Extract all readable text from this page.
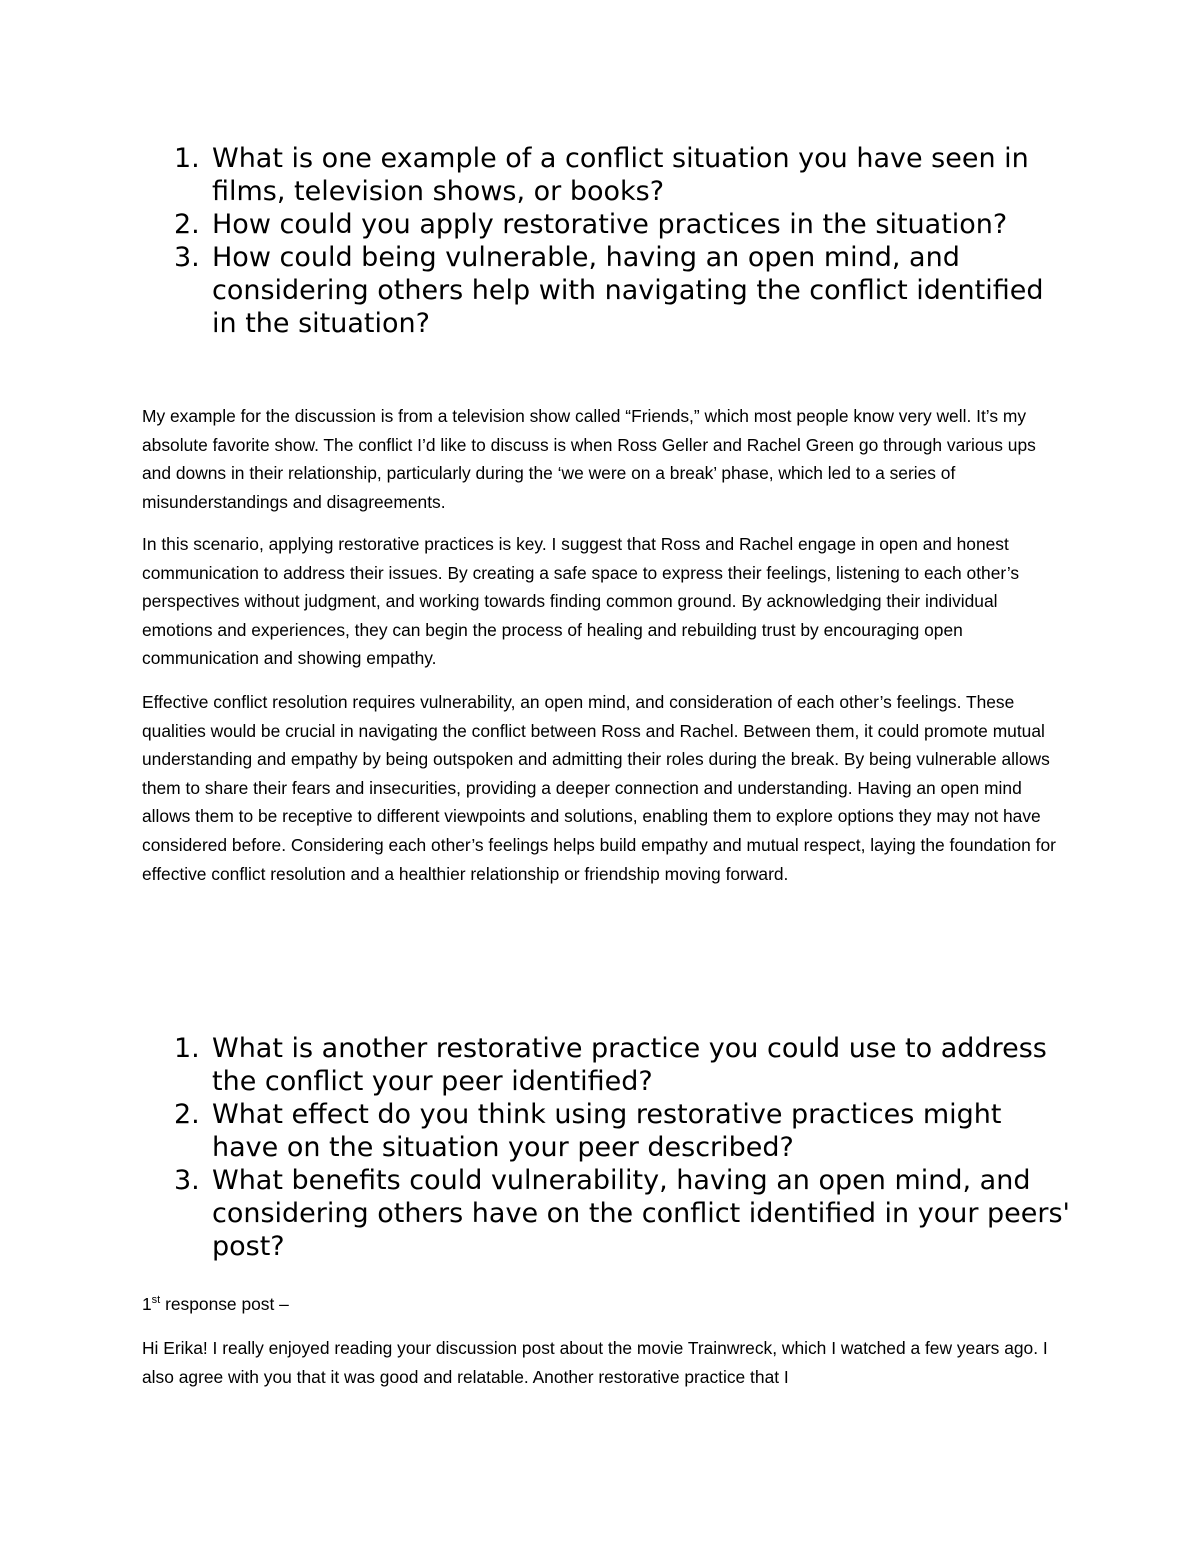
1. What is one example of a conflict situation you have seen in films, television shows, or books?
2. How could you apply restorative practices in the situation?
3. How could being vulnerable, having an open mind, and considering others help with navigating the conflict identified in the situation?

My example for the discussion is from a television show called “Friends,” which most people know very well. It’s my absolute favorite show. The conflict I’d like to discuss is when Ross Geller and Rachel Green go through various ups and downs in their relationship, particularly during the ‘we were on a break’ phase, which led to a series of misunderstandings and disagreements.

In this scenario, applying restorative practices is key. I suggest that Ross and Rachel engage in open and honest communication to address their issues. By creating a safe space to express their feelings, listening to each other’s perspectives without judgment, and working towards finding common ground. By acknowledging their individual emotions and experiences, they can begin the process of healing and rebuilding trust by encouraging open communication and showing empathy.

Effective conflict resolution requires vulnerability, an open mind, and consideration of each other’s feelings. These qualities would be crucial in navigating the conflict between Ross and Rachel. Between them, it could promote mutual understanding and empathy by being outspoken and admitting their roles during the break. By being vulnerable allows them to share their fears and insecurities, providing a deeper connection and understanding. Having an open mind allows them to be receptive to different viewpoints and solutions, enabling them to explore options they may not have considered before. Considering each other’s feelings helps build empathy and mutual respect, laying the foundation for effective conflict resolution and a healthier relationship or friendship moving forward.

1. What is another restorative practice you could use to address the conflict your peer identified?
2. What effect do you think using restorative practices might have on the situation your peer described?
3. What benefits could vulnerability, having an open mind, and considering others have on the conflict identified in your peers' post?

1st response post –

Hi Erika! I really enjoyed reading your discussion post about the movie Trainwreck, which I watched a few years ago. I also agree with you that it was good and relatable. Another restorative practice that I
